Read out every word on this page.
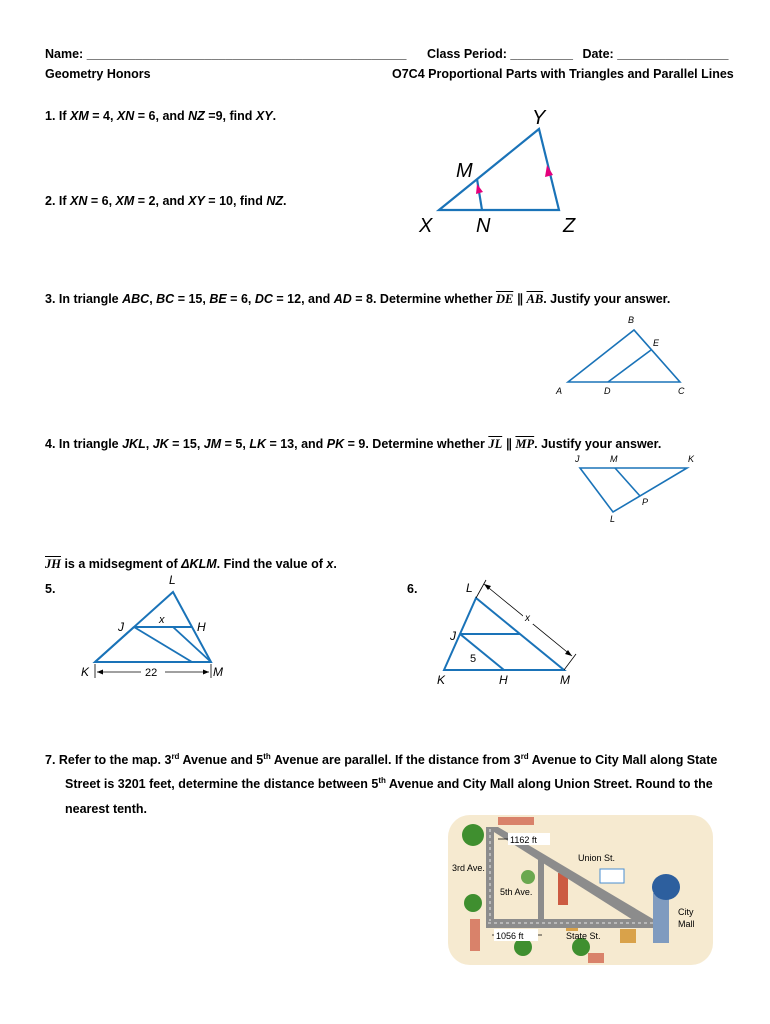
Name: ______________________________________________ Class Period: _________ Date: ________________
Geometry Honors	O7C4 Proportional Parts with Triangles and Parallel Lines
1. If XM = 4, XN = 6, and NZ =9, find XY.
2. If XN = 6, XM = 2, and XY = 10, find NZ.
Y
M
X N	Z
3. In triangle ABC, BC = 15, BE = 6, DC = 12, and AD = 8. Determine whether $\overline{DE}$ ∥ $\overline{AB}$. Justify your answer.
B
E
A	D	C
4. In triangle JKL, JK = 15, JM = 5, LK = 13, and PK = 9. Determine whether $\overline{JL}$ ∥ $\overline{MP}$. Justify your answer.
J	M	K
P
L
$\overline{JH}$ is a midsegment of ΔKLM. Find the value of x.
5.	6.
22
L
J	x	H
K	M
x
L
J
5
K	H	M
7. Refer to the map. 3rd Avenue and 5th Avenue are parallel. If the distance from 3rd Avenue to City Mall along State
Street is 3201 feet, determine the distance between 5th Avenue and City Mall along Union Street. Round to the
nearest tenth.
1162 ft
Union St.
3rd Ave.
5th Ave.
1056 ft	State St.
City
Mall
